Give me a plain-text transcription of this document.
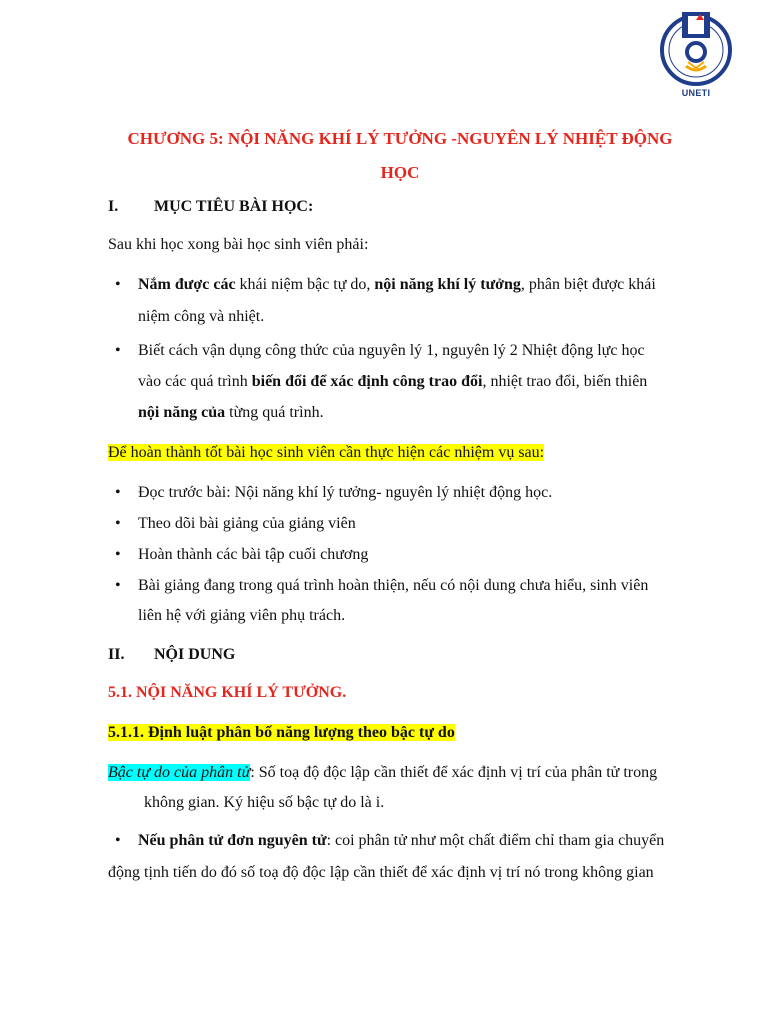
UNETI
CHƯƠNG 5: NỘI NĂNG KHÍ LÝ TƯỞNG -NGUYÊN LÝ NHIỆT ĐỘNG
HỌC
I. MỤC TIÊU BÀI HỌC:
Sau khi học xong bài học sinh viên phải:
• Nắm được các khái niệm bậc tự do, nội năng khí lý tưởng, phân biệt được khái
niệm công và nhiệt.
• Biết cách vận dụng công thức của nguyên lý 1, nguyên lý 2 Nhiệt động lực học
vào các quá trình biến đổi để xác định công trao đổi, nhiệt trao đổi, biến thiên
nội năng của từng quá trình.
Để hoàn thành tốt bài học sinh viên cần thực hiện các nhiệm vụ sau:
• Đọc trước bài: Nội năng khí lý tưởng- nguyên lý nhiệt động học.
• Theo dõi bài giảng của giảng viên
• Hoàn thành các bài tập cuối chương
• Bài giảng đang trong quá trình hoàn thiện, nếu có nội dung chưa hiểu, sinh viên
liên hệ với giảng viên phụ trách.
II. NỘI DUNG
5.1. NỘI NĂNG KHÍ LÝ TƯỞNG.
5.1.1. Định luật phân bố năng lượng theo bậc tự do
Bậc tự do của phân tử: Số toạ độ độc lập cần thiết để xác định vị trí của phân tử trong
không gian. Ký hiệu số bậc tự do là i.
• Nếu phân tử đơn nguyên tử: coi phân tử như một chất điểm chỉ tham gia chuyển
động tịnh tiến do đó số toạ độ độc lập cần thiết để xác định vị trí nó trong không gian
